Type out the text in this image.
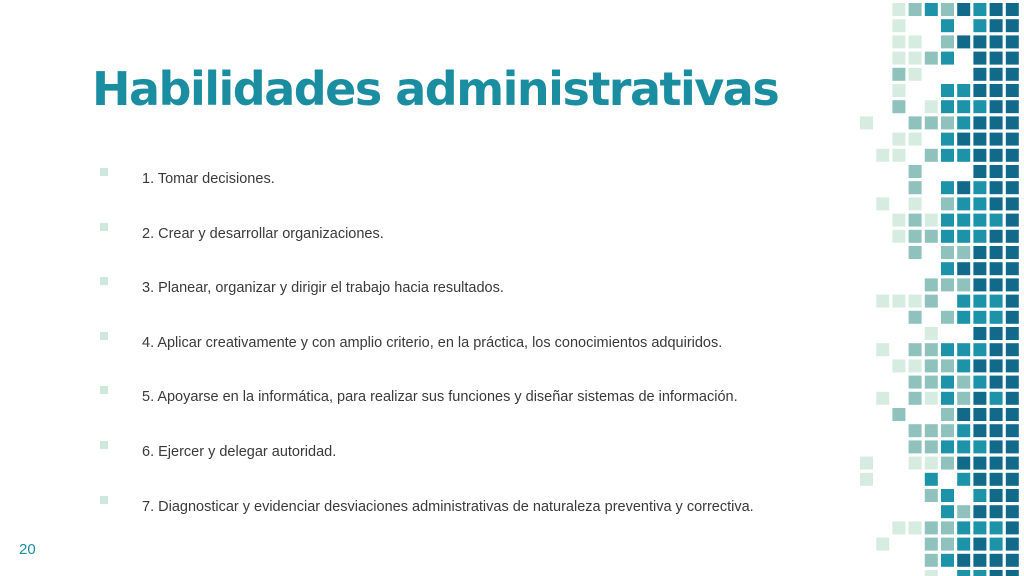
Habilidades administrativas
1. Tomar decisiones.
2. Crear y desarrollar organizaciones.
3. Planear, organizar y dirigir el trabajo hacia resultados.
4. Aplicar creativamente y con amplio criterio, en la práctica, los conocimientos adquiridos.
5. Apoyarse en la informática, para realizar sus funciones y diseñar sistemas de información.
6. Ejercer y delegar autoridad.
7. Diagnosticar y evidenciar desviaciones administrativas de naturaleza preventiva y correctiva.
20
